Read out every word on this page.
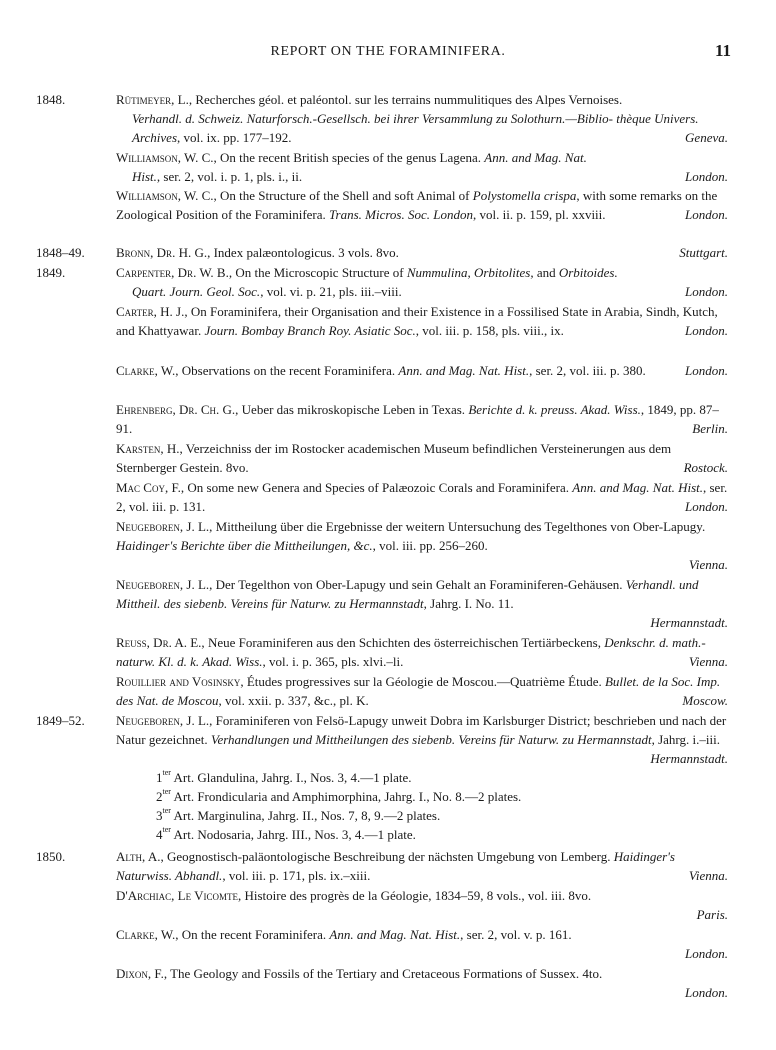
REPORT ON THE FORAMINIFERA.	11
1848.	Rütimeyer, L., Recherches géol. et paléontol. sur les terrains nummulitiques des Alpes Vernoises.
Verhandl. d. Schweiz. Naturforsch.-Gesellsch. bei ihrer Versammlung zu Solothurn.—Biblio- thèque Univers. Archives, vol. ix. pp. 177–192.	Geneva.
Williamson, W. C., On the recent British species of the genus Lagena. Ann. and Mag. Nat.
Hist., ser. 2, vol. i. p. 1, pls. i., ii.	London.
Williamson, W. C., On the Structure of the Shell and soft Animal of Polystomella crispa, with some remarks on the Zoological Position of the Foraminifera. Trans. Micros. Soc. London, vol. ii. p. 159, pl. xxviii.	London.
1848–49. Bronn, Dr. H. G., Index palæontologicus. 3 vols. 8vo.	Stuttgart.
1849.	Carpenter, Dr. W. B., On the Microscopic Structure of Nummulina, Orbitolites, and Orbitoides.
Quart. Journ. Geol. Soc., vol. vi. p. 21, pls. iii.–viii.	London.
Carter, H. J., On Foraminifera, their Organisation and their Existence in a Fossilised State in Arabia, Sindh, Kutch, and Khattyawar. Journ. Bombay Branch Roy. Asiatic Soc., vol. iii. p. 158, pls. viii., ix.	London.
Clarke, W., Observations on the recent Foraminifera. Ann. and Mag. Nat. Hist., ser. 2, vol. iii. p. 380.	London.
Ehrenberg, Dr. Ch. G., Ueber das mikroskopische Leben in Texas. Berichte d. k. preuss. Akad. Wiss., 1849, pp. 87–91.	Berlin.
Karsten, H., Verzeichniss der im Rostocker academischen Museum befindlichen Versteinerungen aus dem Sternberger Gestein. 8vo.	Rostock.
Mac Coy, F., On some new Genera and Species of Palæozoic Corals and Foraminifera. Ann. and Mag. Nat. Hist., ser. 2, vol. iii. p. 131.	London.
Neugeboren, J. L., Mittheilung über die Ergebnisse der weitern Untersuchung des Tegelthones von Ober-Lapugy. Haidinger's Berichte über die Mittheilungen, &c., vol. iii. pp. 256–260.
Vienna.
Neugeboren, J. L., Der Tegelthon von Ober-Lapugy und sein Gehalt an Foraminiferen-Gehäusen. Verhandl. und Mittheil. des siebenb. Vereins für Naturw. zu Hermannstadt, Jahrg. I. No. 11.
Hermannstadt.
Reuss, Dr. A. E., Neue Foraminiferen aus den Schichten des österreichischen Tertiärbeckens, Denkschr. d. math.-naturw. Kl. d. k. Akad. Wiss., vol. i. p. 365, pls. xlvi.–li.	Vienna.
Rouillier and Vosinsky, Études progressives sur la Géologie de Moscou.—Quatrième Étude. Bullet. de la Soc. Imp. des Nat. de Moscou, vol. xxii. p. 337, &c., pl. K.	Moscow.
1849–52. Neugeboren, J. L., Foraminiferen von Felsö-Lapugy unweit Dobra im Karlsburger District; beschrieben und nach der Natur gezeichnet. Verhandlungen und Mittheilungen des siebenb. Vereins für Naturw. zu Hermannstadt, Jahrg. i.–iii.
Hermannstadt.
$1^{ter}$ Art. Glandulina, Jahrg. I., Nos. 3, 4.—1 plate.
$2^{ter}$ Art. Frondicularia and Amphimorphina, Jahrg. I., No. 8.—2 plates.
$3^{ter}$ Art. Marginulina, Jahrg. II., Nos. 7, 8, 9.—2 plates.
$4^{ter}$ Art. Nodosaria, Jahrg. III., Nos. 3, 4.—1 plate.
1850.	Alth, A., Geognostisch-paläontologische Beschreibung der nächsten Umgebung von Lemberg. Haidinger's Naturwiss. Abhandl., vol. iii. p. 171, pls. ix.–xiii.	Vienna.
D'Archiac, Le Vicomte, Histoire des progrès de la Géologie, 1834–59, 8 vols., vol. iii. 8vo.
Paris.
Clarke, W., On the recent Foraminifera. Ann. and Mag. Nat. Hist., ser. 2, vol. v. p. 161.
London.
Dixon, F., The Geology and Fossils of the Tertiary and Cretaceous Formations of Sussex. 4to.
London.
